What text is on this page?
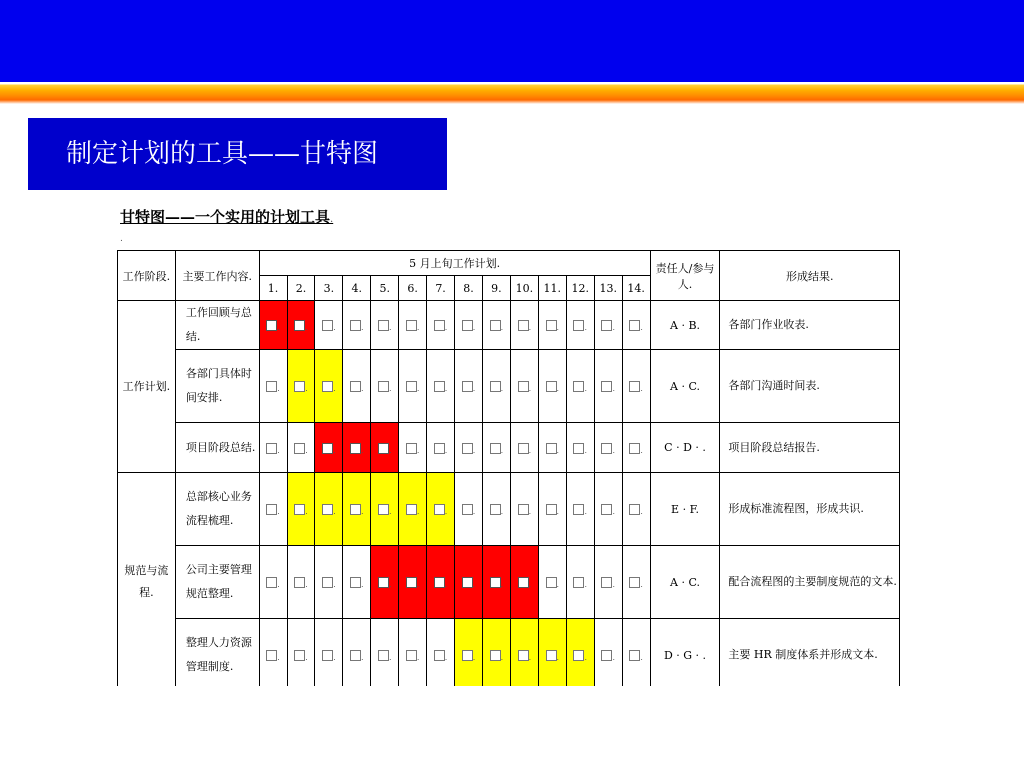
制定计划的工具——甘特图
甘特图——一个实用的计划工具.
.
工作阶段.	主要工作内容.	5 月上旬工作计划.														责任人/参与人.	形成结果.
		1.	2.	3.	4.	5.	6.	7.	8.	9.	10.	11.	12.	13.	14.		
工作计划.	工作回顾与总结.	.	.	.	.	.	.	.	.	.	.	.	.	.	.	A · B.	各部门作业收表.
	各部门具体时间安排.	.	.	.	.	.	.	.	.	.	.	.	.	.	.	A · C.	各部门沟通时间表.
	项目阶段总结.	.	.	.	.	.	.	.	.	.	.	.	.	.	.	C · D · .	项目阶段总结报告.
规范与流程.	总部核心业务流程梳理.	.	.	.	.	.	.	.	.	.	.	.	.	.	.	E · F.	形成标准流程图，形成共识.
	公司主要管理规范整理.	.	.	.	.	.	.	.	.	.	.	.	.	.	.	A · C.	配合流程图的主要制度规范的文本.
	整理人力资源管理制度.	.	.	.	.	.	.	.	.	.	.	.	.	.	.	D · G · .	主要 HR 制度体系并形成文本.
